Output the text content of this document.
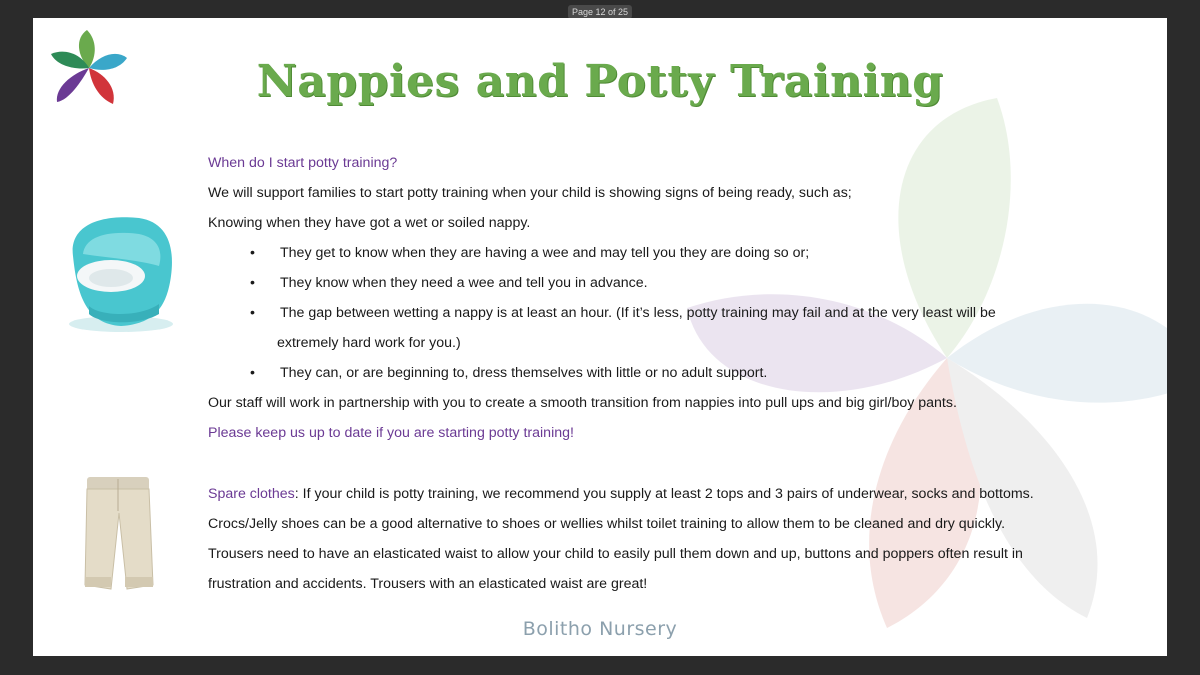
Page 12 of 25
Nappies and Potty Training
When do I start potty training?
We will support families to start potty training when your child is showing signs of being ready, such as;
Knowing when they have got a wet or soiled nappy.
• They get to know when they are having a wee and may tell you they are doing so or;
• They know when they need a wee and tell you in advance.
• The gap between wetting a nappy is at least an hour. (If it’s less, potty training may fail and at the very least will be
extremely hard work for you.)
• They can, or are beginning to, dress themselves with little or no adult support.
Our staff will work in partnership with you to create a smooth transition from nappies into pull ups and big girl/boy pants.
Please keep us up to date if you are starting potty training!
Spare clothes: If your child is potty training, we recommend you supply at least 2 tops and 3 pairs of underwear, socks and bottoms.
Crocs/Jelly shoes can be a good alternative to shoes or wellies whilst toilet training to allow them to be cleaned and dry quickly.
Trousers need to have an elasticated waist to allow your child to easily pull them down and up, buttons and poppers often result in
frustration and accidents. Trousers with an elasticated waist are great!
Bolitho Nursery
